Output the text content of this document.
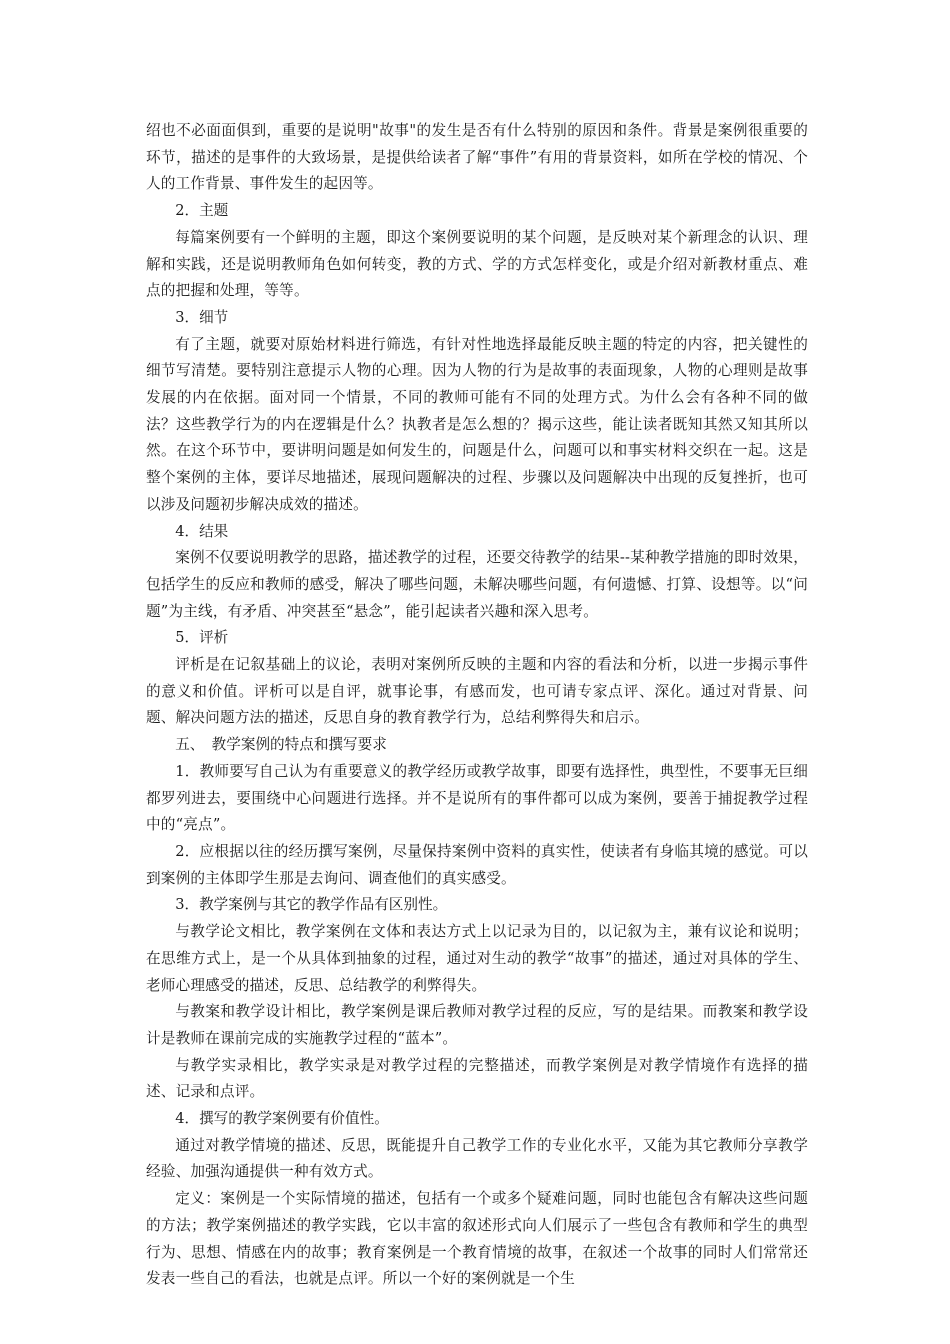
绍也不必面面俱到，重要的是说明"故事"的发生是否有什么特别的原因和条件。背景是案例很重要的环节，描述的是事件的大致场景，是提供给读者了解“事件”有用的背景资料，如所在学校的情况、个人的工作背景、事件发生的起因等。

2．主题

每篇案例要有一个鲜明的主题，即这个案例要说明的某个问题，是反映对某个新理念的认识、理解和实践，还是说明教师角色如何转变，教的方式、学的方式怎样变化，或是介绍对新教材重点、难点的把握和处理，等等。

3．细节

有了主题，就要对原始材料进行筛选，有针对性地选择最能反映主题的特定的内容，把关键性的细节写清楚。要特别注意提示人物的心理。因为人物的行为是故事的表面现象，人物的心理则是故事发展的内在依据。面对同一个情景，不同的教师可能有不同的处理方式。为什么会有各种不同的做法？这些教学行为的内在逻辑是什么？执教者是怎么想的？揭示这些，能让读者既知其然又知其所以然。在这个环节中，要讲明问题是如何发生的，问题是什么，问题可以和事实材料交织在一起。这是整个案例的主体，要详尽地描述，展现问题解决的过程、步骤以及问题解决中出现的反复挫折，也可以涉及问题初步解决成效的描述。

4．结果

案例不仅要说明教学的思路，描述教学的过程，还要交待教学的结果--某种教学措施的即时效果，包括学生的反应和教师的感受，解决了哪些问题，未解决哪些问题，有何遗憾、打算、设想等。以“问题”为主线，有矛盾、冲突甚至“悬念”，能引起读者兴趣和深入思考。

5．评析

评析是在记叙基础上的议论，表明对案例所反映的主题和内容的看法和分析，以进一步揭示事件的意义和价值。评析可以是自评，就事论事，有感而发，也可请专家点评、深化。通过对背景、问题、解决问题方法的描述，反思自身的教育教学行为，总结利弊得失和启示。

五、　教学案例的特点和撰写要求

1．教师要写自己认为有重要意义的教学经历或教学故事，即要有选择性，典型性，不要事无巨细都罗列进去，要围绕中心问题进行选择。并不是说所有的事件都可以成为案例，要善于捕捉教学过程中的“亮点”。

2．应根据以往的经历撰写案例，尽量保持案例中资料的真实性，使读者有身临其境的感觉。可以到案例的主体即学生那是去询问、调查他们的真实感受。

3．教学案例与其它的教学作品有区别性。

与教学论文相比，教学案例在文体和表达方式上以记录为目的，以记叙为主，兼有议论和说明；在思维方式上，是一个从具体到抽象的过程，通过对生动的教学“故事”的描述，通过对具体的学生、老师心理感受的描述，反思、总结教学的利弊得失。

与教案和教学设计相比，教学案例是课后教师对教学过程的反应，写的是结果。而教案和教学设计是教师在课前完成的实施教学过程的“蓝本”。

与教学实录相比，教学实录是对教学过程的完整描述，而教学案例是对教学情境作有选择的描述、记录和点评。

4．撰写的教学案例要有价值性。

通过对教学情境的描述、反思，既能提升自己教学工作的专业化水平，又能为其它教师分享教学经验、加强沟通提供一种有效方式。

定义：案例是一个实际情境的描述，包括有一个或多个疑难问题，同时也能包含有解决这些问题的方法；教学案例描述的教学实践，它以丰富的叙述形式向人们展示了一些包含有教师和学生的典型行为、思想、情感在内的故事；教育案例是一个教育情境的故事，在叙述一个故事的同时人们常常还发表一些自己的看法，也就是点评。所以一个好的案例就是一个生
